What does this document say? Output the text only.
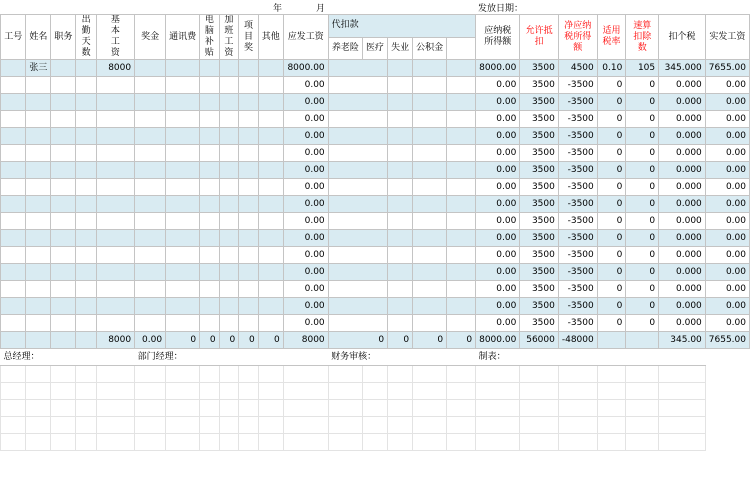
年	月	发放日期：
工号	姓名	职务	出勤天数	基本工资	奖金	通讯费	电脑补贴	加班工资	项目奖	其他	应发工资	代扣款					应纳税所得额	允许抵扣	净应纳税所得额	适用税率	速算扣除数	扣个税	实发工资
												养老险	医疗	失业	公积金								
	张三			8000							8000.00						8000.00	3500	4500	0.10	105	345.000	7655.00
											0.00						0.00	3500	-3500	0	0	0.000	0.00
											0.00						0.00	3500	-3500	0	0	0.000	0.00
											0.00						0.00	3500	-3500	0	0	0.000	0.00
											0.00						0.00	3500	-3500	0	0	0.000	0.00
											0.00						0.00	3500	-3500	0	0	0.000	0.00
											0.00						0.00	3500	-3500	0	0	0.000	0.00
											0.00						0.00	3500	-3500	0	0	0.000	0.00
											0.00						0.00	3500	-3500	0	0	0.000	0.00
											0.00						0.00	3500	-3500	0	0	0.000	0.00
											0.00						0.00	3500	-3500	0	0	0.000	0.00
											0.00						0.00	3500	-3500	0	0	0.000	0.00
											0.00						0.00	3500	-3500	0	0	0.000	0.00
											0.00						0.00	3500	-3500	0	0	0.000	0.00
											0.00						0.00	3500	-3500	0	0	0.000	0.00
											0.00						0.00	3500	-3500	0	0	0.000	0.00
				8000	0.00	0	0	0	0	0	8000	0		0	0	0	8000.00	56000	-48000			345.00	7655.00
总经理：					部门经理：							财务审核：					制表：						
